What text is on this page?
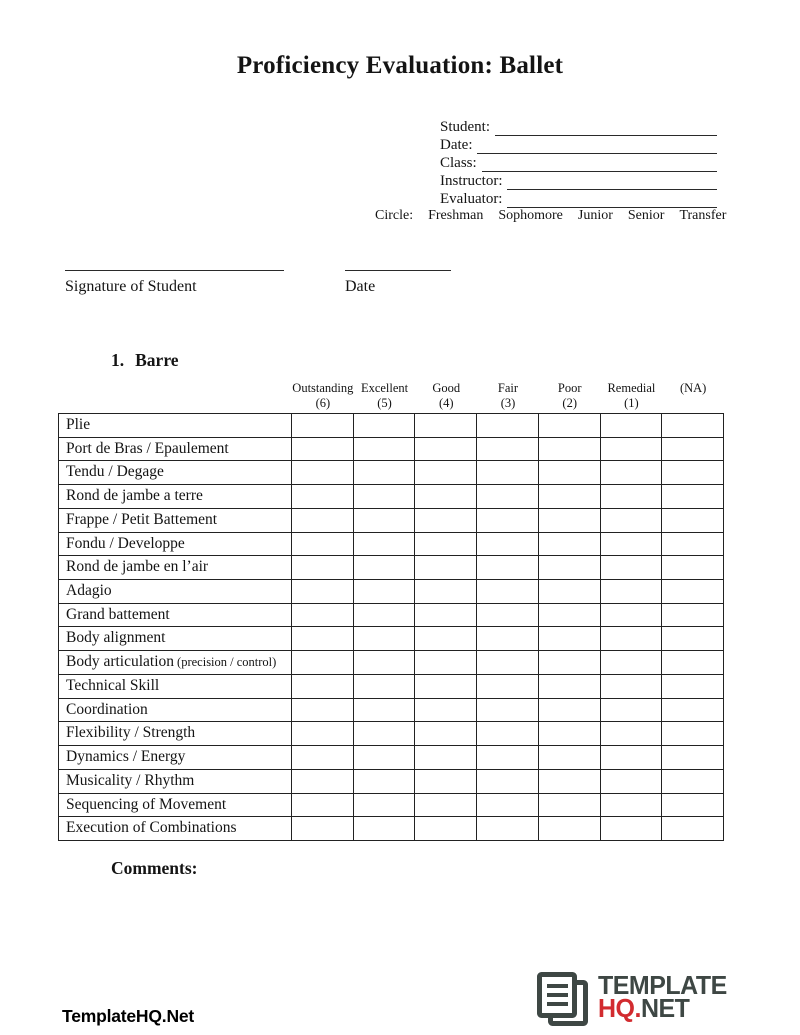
Proficiency Evaluation: Ballet
Student:
Date:
Class:
Instructor:
Evaluator:
Circle: Freshman Sophomore Junior Senior Transfer
Signature of Student	Date
1. Barre
Outstanding
(6)
Excellent
(5)
Good
(4)
Fair
(3)
Poor
(2)
Remedial
(1)
(NA)
Plie
Port de Bras / Epaulement
Tendu / Degage
Rond de jambe a terre
Frappe / Petit Battement
Fondu / Developpe
Rond de jambe en l’air
Adagio
Grand battement
Body alignment
Body articulation (precision / control)
Technical Skill
Coordination
Flexibility / Strength
Dynamics / Energy
Musicality / Rhythm
Sequencing of Movement
Execution of Combinations
Comments:
TemplateHQ.Net
TEMPLATE
HQ.NET
